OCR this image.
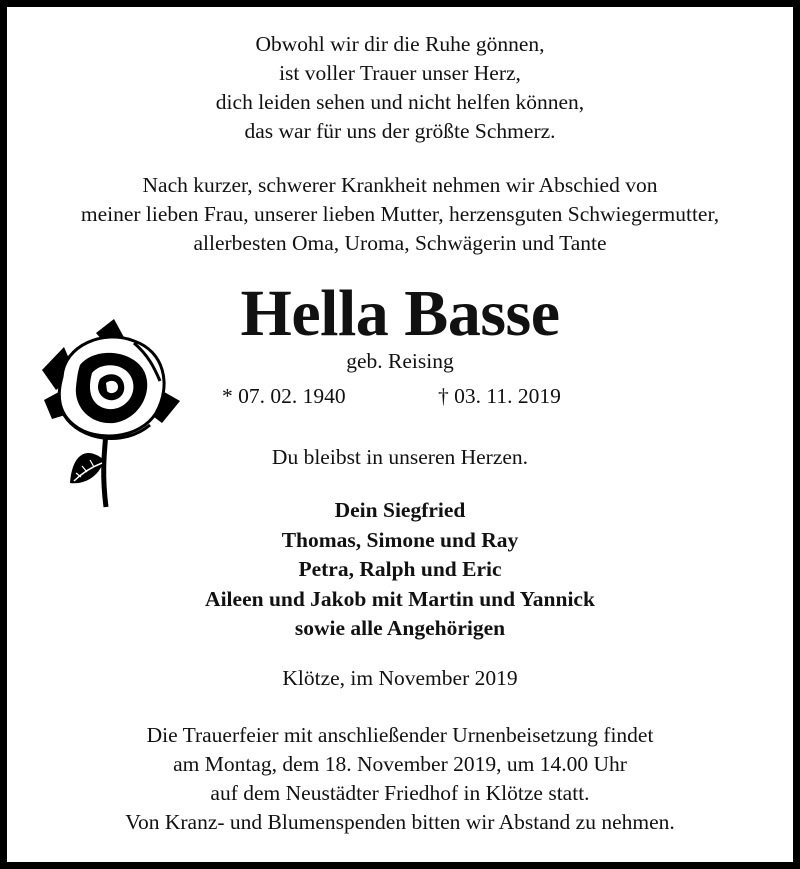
Obwohl wir dir die Ruhe gönnen,
ist voller Trauer unser Herz,
dich leiden sehen und nicht helfen können,
das war für uns der größte Schmerz.
Nach kurzer, schwerer Krankheit nehmen wir Abschied von
meiner lieben Frau, unserer lieben Mutter, herzensguten Schwiegermutter,
allerbesten Oma, Uroma, Schwägerin und Tante
Hella Basse
geb. Reising
* 07. 02. 1940	† 03. 11. 2019
Du bleibst in unseren Herzen.
Dein Siegfried
Thomas, Simone und Ray
Petra, Ralph und Eric
Aileen und Jakob mit Martin und Yannick
sowie alle Angehörigen
Klötze, im November 2019
Die Trauerfeier mit anschließender Urnenbeisetzung findet
am Montag, dem 18. November 2019, um 14.00 Uhr
auf dem Neustädter Friedhof in Klötze statt.
Von Kranz- und Blumenspenden bitten wir Abstand zu nehmen.
